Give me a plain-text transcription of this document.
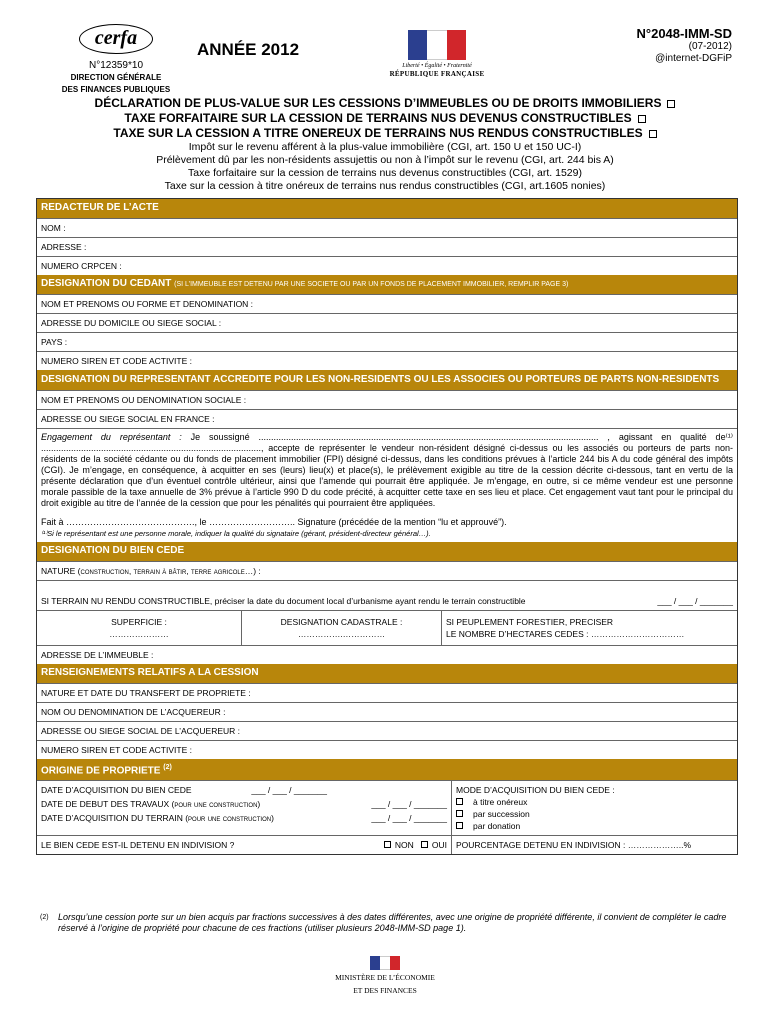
cerfa
N°12359*10
DIRECTION GÉNÉRALE
DES FINANCES PUBLIQUES
ANNÉE 2012
Liberté • Égalité • Fraternité
RÉPUBLIQUE FRANÇAISE
N°2048-IMM-SD
(07-2012)
@internet-DGFiP
DÉCLARATION DE PLUS-VALUE SUR LES CESSIONS D’IMMEUBLES OU DE DROITS IMMOBILIERS
TAXE FORFAITAIRE SUR LA CESSION DE TERRAINS NUS DEVENUS CONSTRUCTIBLES
TAXE SUR LA CESSION A TITRE ONEREUX DE TERRAINS NUS RENDUS CONSTRUCTIBLES
Impôt sur le revenu afférent à la plus-value immobilière (CGI, art. 150 U et 150 UC-I)
Prélèvement dû par les non-résidents assujettis ou non à l’impôt sur le revenu (CGI, art. 244 bis A)
Taxe forfaitaire sur la cession de terrains nus devenus constructibles (CGI, art. 1529)
Taxe sur la cession à titre onéreux de terrains nus rendus constructibles (CGI, art.1605 nonies)
REDACTEUR DE L’ACTE
NOM :
ADRESSE :
NUMERO CRPCEN :
DESIGNATION DU CEDANT (SI L’IMMEUBLE EST DETENU PAR UNE SOCIETE OU PAR UN FONDS DE PLACEMENT IMMOBILIER, REMPLIR PAGE 3)
NOM ET PRENOMS OU FORME ET DENOMINATION :
ADRESSE DU DOMICILE OU SIEGE SOCIAL :
PAYS :
NUMERO SIREN ET CODE ACTIVITE :
DESIGNATION DU REPRESENTANT ACCREDITE POUR LES NON-RESIDENTS OU LES ASSOCIES OU PORTEURS DE PARTS NON-RESIDENTS
NOM ET PRENOMS OU DENOMINATION SOCIALE :
ADRESSE OU SIEGE SOCIAL EN FRANCE :
Engagement du représentant : Je soussigné ........................................................................................................................................ , agissant en qualité de⁽¹⁾ ........................................................................................, accepte de représenter le vendeur non-résident désigné ci-dessus ou les associés ou porteurs de parts non-résidents de la société cédante ou du fonds de placement immobilier (FPI) désigné ci-dessus, dans les conditions prévues à l’article 244 bis A du code général des impôts (CGI). Je m’engage, en conséquence, à acquitter en ses (leurs) lieu(x) et place(s), le prélèvement exigible au titre de la cession décrite ci-dessous, tant en vertu de la présente déclaration que d’un éventuel contrôle ultérieur, ainsi que l’amende qui pourrait être appliquée. Je m’engage, en outre, si ce même vendeur est une personne morale passible de la taxe annuelle de 3% prévue à l’article 990 D du code précité, à acquitter cette taxe en ses lieu et place. Cet engagement vaut tant pour le principal du droit exigible au titre de l’année de la cession que pour les pénalités qui pourraient être appliquées.
Fait à ……………………………………., le ……………………….. Signature (précédée de la mention “lu et approuvé”).
⁽¹⁾Si le représentant est une personne morale, indiquer la qualité du signataire (gérant, président-directeur général…).
DESIGNATION DU BIEN CEDE
NATURE (construction, terrain à bâtir, terre agricole…) :
SI TERRAIN NU RENDU CONSTRUCTIBLE, préciser la date du document local d’urbanisme ayant rendu le terrain constructible	___ / ___ / _______
SUPERFICIE :
…………………
DESIGNATION CADASTRALE :
…………….……………
SI PEUPLEMENT FORESTIER, PRECISER
LE NOMBRE D’HECTARES CEDES : ……………………………
ADRESSE DE L’IMMEUBLE :
RENSEIGNEMENTS RELATIFS A LA CESSION
NATURE ET DATE DU TRANSFERT DE PROPRIETE :
NOM OU DENOMINATION DE L’ACQUEREUR :
ADRESSE OU SIEGE SOCIAL DE L’ACQUEREUR :
NUMERO SIREN ET CODE ACTIVITE :
ORIGINE DE PROPRIETE $^{(2)}$
DATE D’ACQUISITION DU BIEN CEDE	___ / ___ / _______
DATE DE DEBUT DES TRAVAUX (pour une construction)	___ / ___ / _______
DATE D’ACQUISITION DU TERRAIN (pour une construction)	___ / ___ / _______
MODE D’ACQUISITION DU BIEN CEDE :
à titre onéreux
par succession
par donation
LE BIEN CEDE EST-IL DETENU EN INDIVISION ?	NON OUI	POURCENTAGE DETENU EN INDIVISION : ………………..%
(2) Lorsqu’une cession porte sur un bien acquis par fractions successives à des dates différentes, avec une origine de propriété différente, il convient de compléter le cadre réservé à l’origine de propriété pour chacune de ces fractions (utiliser plusieurs 2048-IMM-SD page 1).
MINISTÈRE DE L’ÉCONOMIE
ET DES FINANCES
